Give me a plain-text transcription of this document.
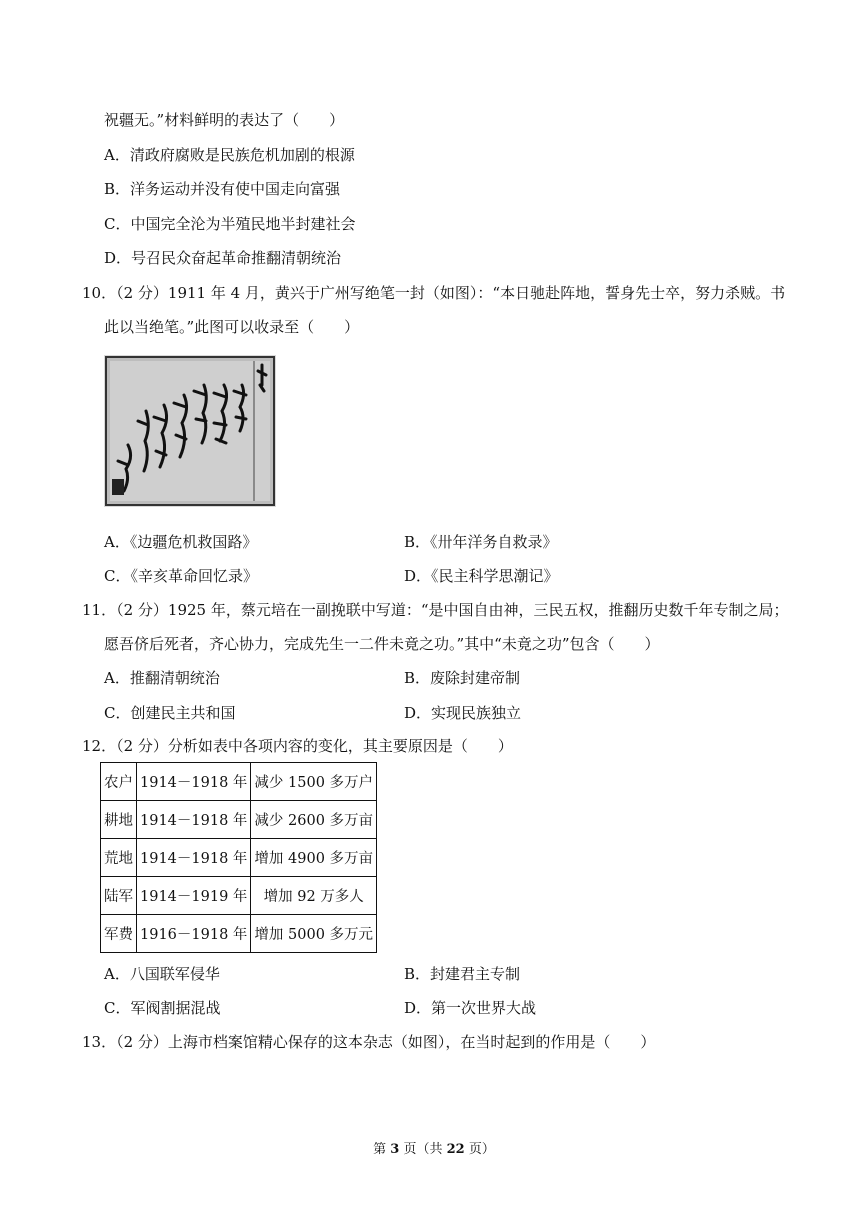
祝疆无。”材料鲜明的表达了（　　）
A．清政府腐败是民族危机加剧的根源
B．洋务运动并没有使中国走向富强
C．中国完全沦为半殖民地半封建社会
D．号召民众奋起革命推翻清朝统治
10．（2 分）1911 年 4 月，黄兴于广州写绝笔一封（如图）：“本日驰赴阵地，誓身先士卒，努力杀贼。书
此以当绝笔。”此图可以收录至（　　）
A．《边疆危机救国路》	B．《卅年洋务自救录》
C．《辛亥革命回忆录》	D．《民主科学思潮记》
11．（2 分）1925 年，蔡元培在一副挽联中写道：“是中国自由神，三民五权，推翻历史数千年专制之局；
愿吾侪后死者，齐心协力，完成先生一二件未竟之功。”其中“未竟之功”包含（　　）
A．推翻清朝统治	B．废除封建帝制
C．创建民主共和国	D．实现民族独立
12．（2 分）分析如表中各项内容的变化，其主要原因是（　　）
农户	1914－1918 年	减少 1500 多万户
耕地	1914－1918 年	减少 2600 多万亩
荒地	1914－1918 年	增加 4900 多万亩
陆军	1914－1919 年	增加 92 万多人
军费	1916－1918 年	增加 5000 多万元
A．八国联军侵华	B．封建君主专制
C．军阀割据混战	D．第一次世界大战
13．（2 分）上海市档案馆精心保存的这本杂志（如图），在当时起到的作用是（　　）
第 3 页（共 22 页）
